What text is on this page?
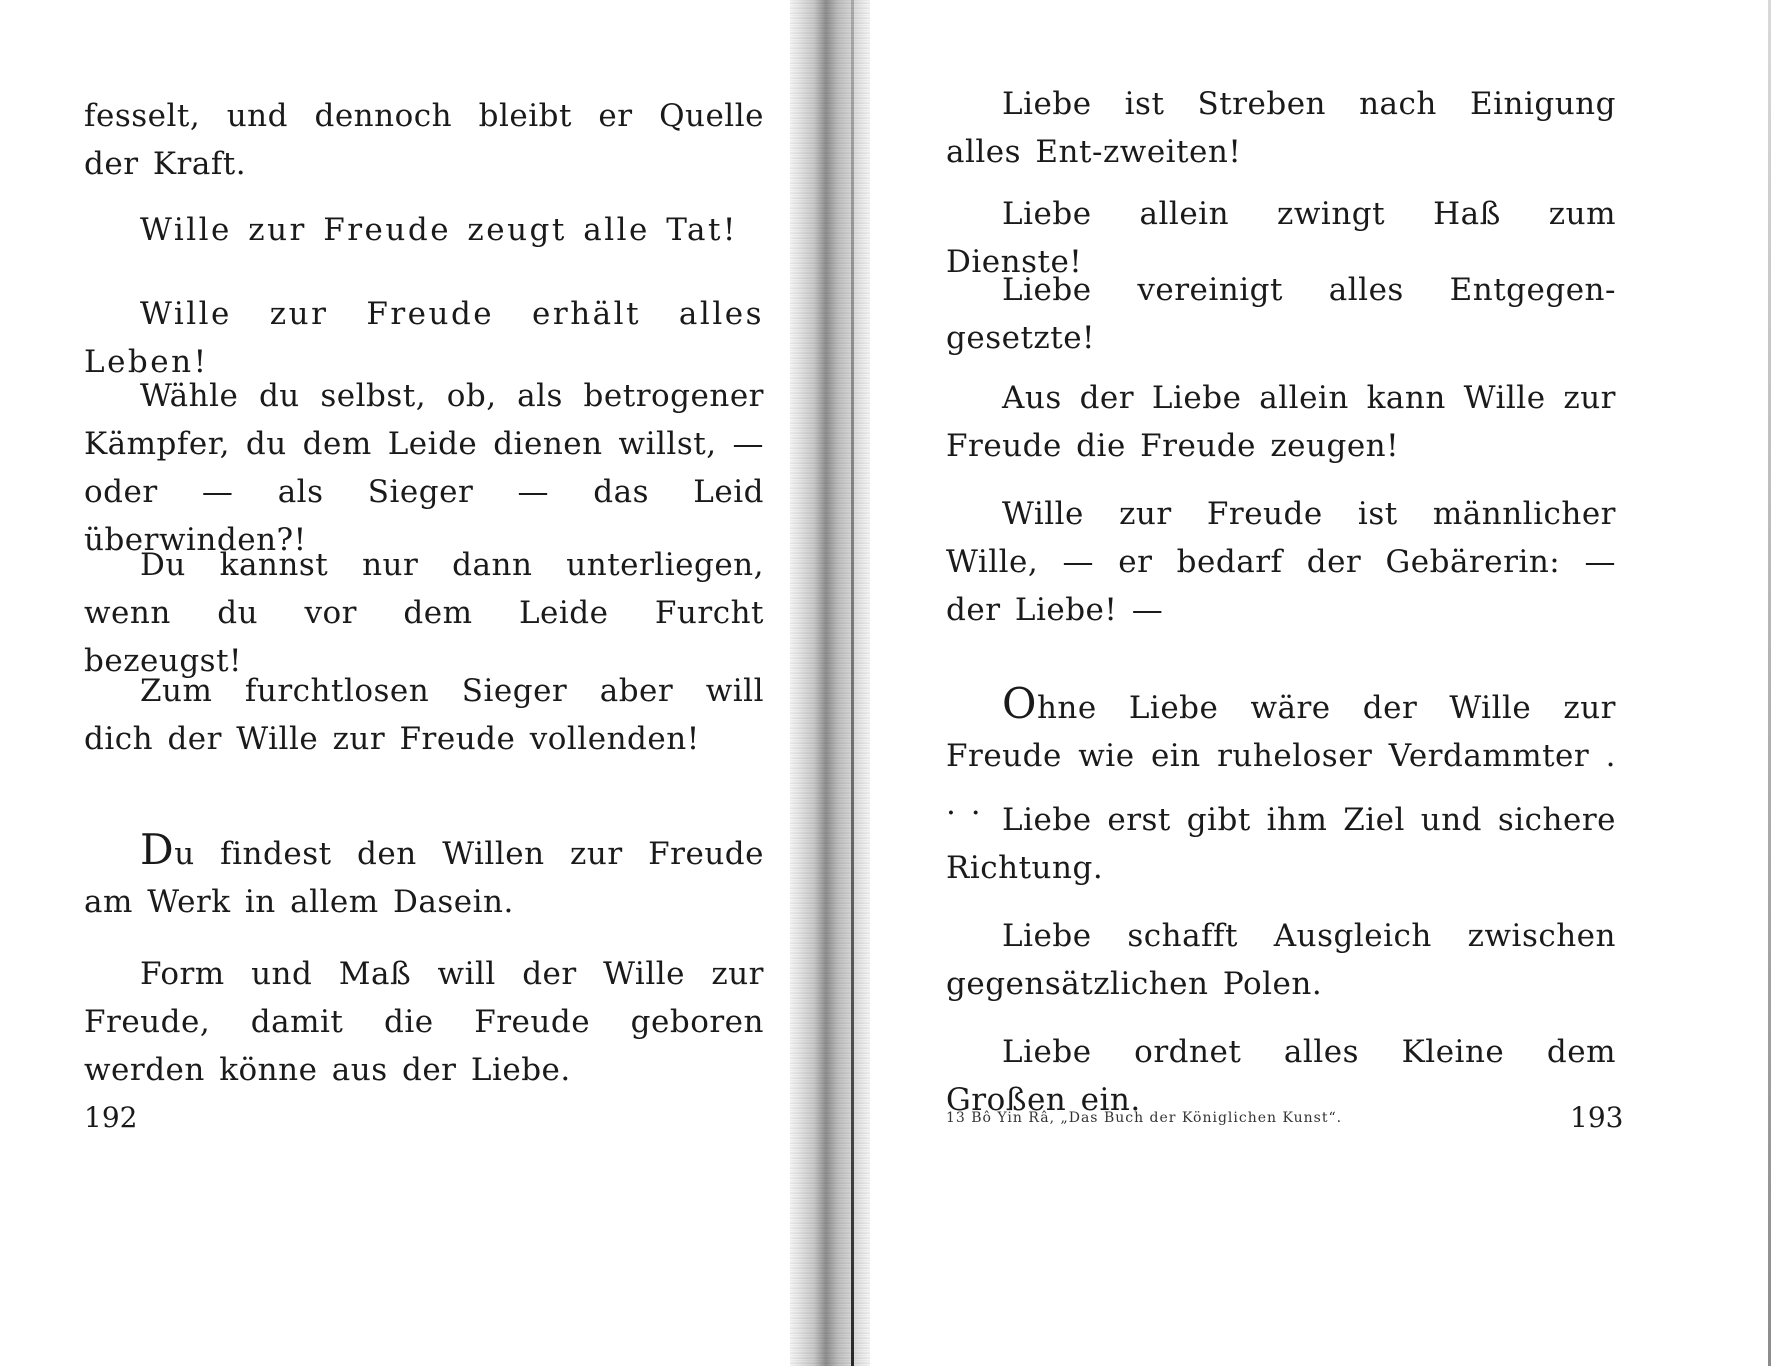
fesselt, und dennoch bleibt er Quelle der Kraft.

Wille zur Freude zeugt alle Tat!

Wille zur Freude erhält alles Leben!

Wähle du selbst, ob, als betrogener Kämpfer, du dem Leide dienen willst, — oder — als Sieger — das Leid überwinden?!

Du kannst nur dann unterliegen, wenn du vor dem Leide Furcht bezeugst!

Zum furchtlosen Sieger aber will dich der Wille zur Freude vollenden!

Du findest den Willen zur Freude am Werk in allem Dasein.

Form und Maß will der Wille zur Freude, damit die Freude geboren werden könne aus der Liebe.

192

Liebe ist Streben nach Einigung alles Ent-zweiten!

Liebe allein zwingt Haß zum Dienste!

Liebe vereinigt alles Entgegen-gesetzte!

Aus der Liebe allein kann Wille zur Freude die Freude zeugen!

Wille zur Freude ist männlicher Wille, — er bedarf der Gebärerin: — der Liebe! —

Ohne Liebe wäre der Wille zur Freude wie ein ruheloser Verdammter . . . Liebe erst gibt ihm Ziel und sichere Richtung.

Liebe schafft Ausgleich zwischen gegensätzlichen Polen.

Liebe ordnet alles Kleine dem Großen ein.

13 Bô Yin Râ, „Das Buch der Königlichen Kunst“.	193
